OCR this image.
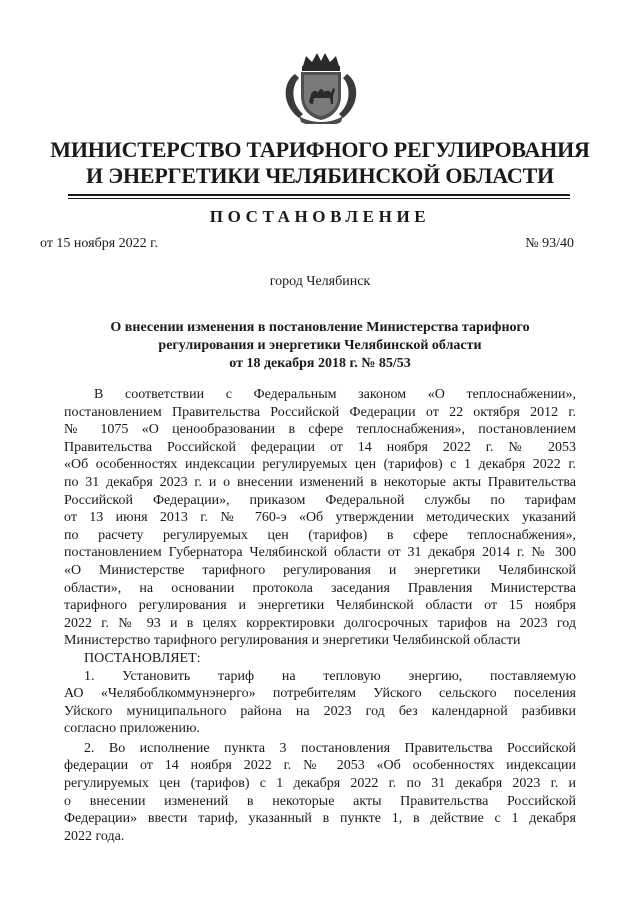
МИНИСТЕРСТВО ТАРИФНОГО РЕГУЛИРОВАНИЯ
И ЭНЕРГЕТИКИ ЧЕЛЯБИНСКОЙ ОБЛАСТИ
ПОСТАНОВЛЕНИЕ
от 15 ноября 2022 г.	№ 93/40
город Челябинск
О внесении изменения в постановление Министерства тарифного
регулирования и энергетики Челябинской области
от 18 декабря 2018 г. № 85/53
В соответствии с Федеральным законом «О теплоснабжении»,
постановлением Правительства Российской Федерации от 22 октября 2012 г.
№ 1075 «О ценообразовании в сфере теплоснабжения», постановлением
Правительства Российской федерации от 14 ноября 2022 г. № 2053
«Об особенностях индексации регулируемых цен (тарифов) с 1 декабря 2022 г.
по 31 декабря 2023 г. и о внесении изменений в некоторые акты Правительства
Российской Федерации», приказом Федеральной службы по тарифам
от 13 июня 2013 г. № 760-э «Об утверждении методических указаний
по расчету регулируемых цен (тарифов) в сфере теплоснабжения»,
постановлением Губернатора Челябинской области от 31 декабря 2014 г. № 300
«О Министерстве тарифного регулирования и энергетики Челябинской
области», на основании протокола заседания Правления Министерства
тарифного регулирования и энергетики Челябинской области от 15 ноября
2022 г. № 93 и в целях корректировки долгосрочных тарифов на 2023 год
Министерство тарифного регулирования и энергетики Челябинской области
ПОСТАНОВЛЯЕТ:
1. Установить тариф на тепловую энергию, поставляемую
АО «Челябоблкоммунэнерго» потребителям Уйского сельского поселения
Уйского муниципального района на 2023 год без календарной разбивки
согласно приложению.
2. Во исполнение пункта 3 постановления Правительства Российской
федерации от 14 ноября 2022 г. № 2053 «Об особенностях индексации
регулируемых цен (тарифов) с 1 декабря 2022 г. по 31 декабря 2023 г. и
о внесении изменений в некоторые акты Правительства Российской
Федерации» ввести тариф, указанный в пункте 1, в действие с 1 декабря
2022 года.
